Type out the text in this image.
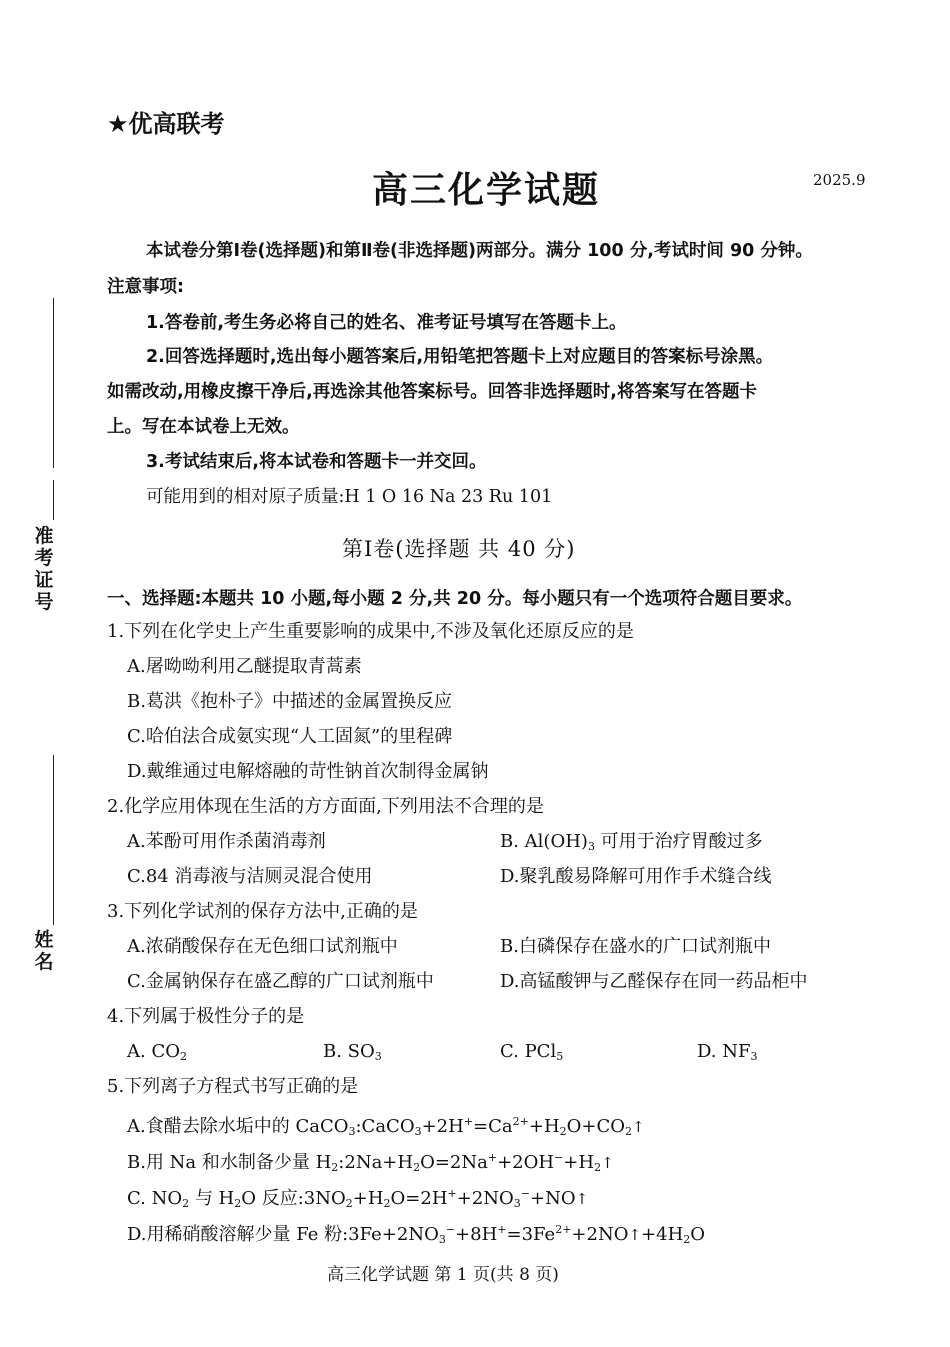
★优高联考
高三化学试题	2025.9
准考证号
姓名
本试卷分第Ⅰ卷(选择题)和第Ⅱ卷(非选择题)两部分。满分 100 分,考试时间 90 分钟。
注意事项:
1.答卷前,考生务必将自己的姓名、准考证号填写在答题卡上。
2.回答选择题时,选出每小题答案后,用铅笔把答题卡上对应题目的答案标号涂黑。
如需改动,用橡皮擦干净后,再选涂其他答案标号。回答非选择题时,将答案写在答题卡
上。写在本试卷上无效。
3.考试结束后,将本试卷和答题卡一并交回。
可能用到的相对原子质量:H 1 O 16 Na 23 Ru 101
第Ⅰ卷(选择题 共 40 分)
一、选择题:本题共 10 小题,每小题 2 分,共 20 分。每小题只有一个选项符合题目要求。
1.下列在化学史上产生重要影响的成果中,不涉及氧化还原反应的是
A.屠呦呦利用乙醚提取青蒿素
B.葛洪《抱朴子》中描述的金属置换反应
C.哈伯法合成氨实现“人工固氮”的里程碑
D.戴维通过电解熔融的苛性钠首次制得金属钠
2.化学应用体现在生活的方方面面,下列用法不合理的是
A.苯酚可用作杀菌消毒剂	B. $Al(OH)_3$ 可用于治疗胃酸过多
C.84 消毒液与洁厕灵混合使用	D.聚乳酸易降解可用作手术缝合线
3.下列化学试剂的保存方法中,正确的是
A.浓硝酸保存在无色细口试剂瓶中	B.白磷保存在盛水的广口试剂瓶中
C.金属钠保存在盛乙醇的广口试剂瓶中	D.高锰酸钾与乙醛保存在同一药品柜中
4.下列属于极性分子的是
A. $CO_2$	B. $SO_3$	C. PCl$_5$	D. $NF_3$
5.下列离子方程式书写正确的是
A.食醋去除水垢中的 $CaCO_3:CaCO_3+2H^+=Ca^{2+}+H_2O+CO_2↑$
B.用 Na 和水制备少量 $H_2:2Na+H_2O=2Na^++2OH^-+H_2↑$
C. $NO_2$ 与 $H_2O$ 反应$:3NO_2+H_2O=2H^++2NO_3^-+NO↑$
D.用稀硝酸溶解少量 Fe 粉$:3Fe+2NO_3^-+8H^+=3Fe^{2+}+2NO↑+4H_2O$
高三化学试题 第 1 页(共 8 页)
